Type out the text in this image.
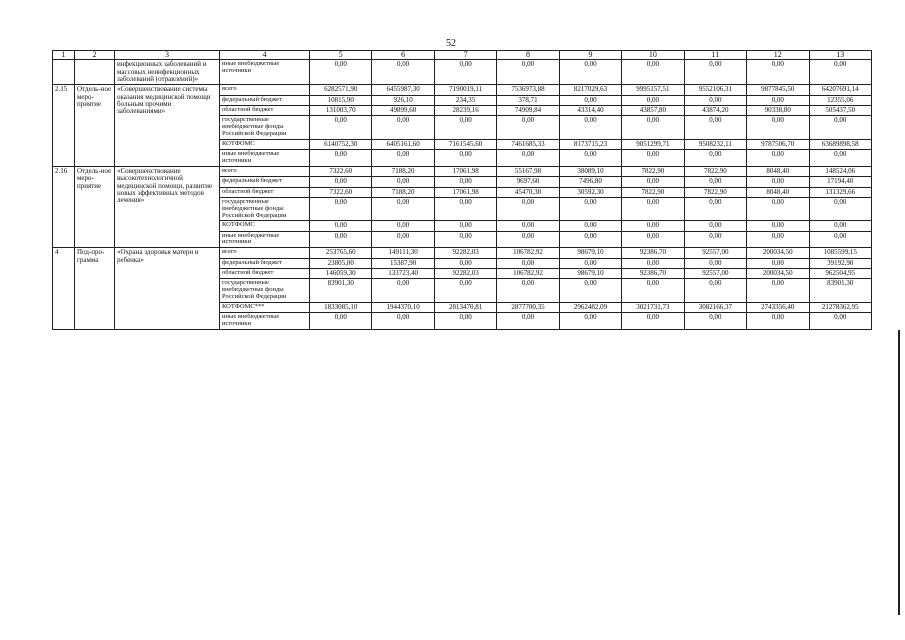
52
1	2	3	4	5	6	7	8	9	10	11	12	13
		инфекционных заболеваний и массовых неинфекционных заболеваний (отравлений)»	иные внебюджетные источники	0,00	0,00	0,00	0,00	0,00	0,00	0,00	0,00	0,00
2.15	Отдель-ное меро-приятие	«Совершенствование системы оказания медицинской помощи больным прочими заболеваниями»	всего	6282571,90	6455987,30	7190019,11	7536973,88	8217029,63	9995157,51	9552106,31	9877845,50	64207691,14
			федеральный бюджет	10815,90	926,10	234,35	378,71	0,00	0,00	0,00	0,00	12355,06
			областной бюджет	131003,70	49899,60	28239,16	74909,84	43314,40	43857,80	43874,20	90338,80	505437,50
			государственные внебюджетные фонды Российской Федерации	0,00	0,00	0,00	0,00	0,00	0,00	0,00	0,00	0,00
			КОТФОМС	6140752,30	6405161,60	7161545,60	7461685,33	8173715,23	9051299,71	9508232,11	9787506,70	63689898,58
			иные внебюджетные источники	0,00	0,00	0,00	0,00	0,00	0,00	0,00	0,00	0,00
2.16	Отдель-ное меро-приятие	«Совершенствование высокотехнологичной медицинской помощи, развитие новых эффективных методов лечения»	всего	7322,60	7188,20	17061,98	55167,98	38089,10	7822,90	7822,90	8048,40	148524,06
			федеральный бюджет	0,00	0,00	0,00	9697,60	7496,80	0,00	0,00	0,00	17194,40
			областной бюджет	7322,60	7188,20	17061,98	45470,38	30592,30	7822,90	7822,90	8048,40	131329,66
			государственные внебюджетные фонды Российской Федерации	0,00	0,00	0,00	0,00	0,00	0,00	0,00	0,00	0,00
			КОТФОМС	0,00	0,00	0,00	0,00	0,00	0,00	0,00	0,00	0,00
			иные внебюджетные источники	0,00	0,00	0,00	0,00	0,00	0,00	0,00	0,00	0,00
4	Под-про-грамма	«Охрана здоровья матери и ребенка»	всего	253765,60	149111,30	92282,03	106782,92	98679,10	92386,70	92557,00	200034,50	1085599,15
			федеральный бюджет	23805,00	15387,90	0,00	0,00	0,00	0,00	0,00	0,00	39192,90
			областной бюджет	146059,30	133723,40	92282,03	106782,92	98679,10	92386,70	92557,00	200034,50	962504,95
			государственные внебюджетные фонды Российской Федерации	83901,30	0,00	0,00	0,00	0,00	0,00	0,00	0,00	83901,30
			КОТФОМС***	1833085,10	1944370,10	2813470,81	2877700,35	2962482,09	3021731,73	3082166,37	2743356,40	21278362,95
			иные внебюджетные источники	0,00	0,00	0,00	0,00	0,00	0,00	0,00	0,00	0,00
